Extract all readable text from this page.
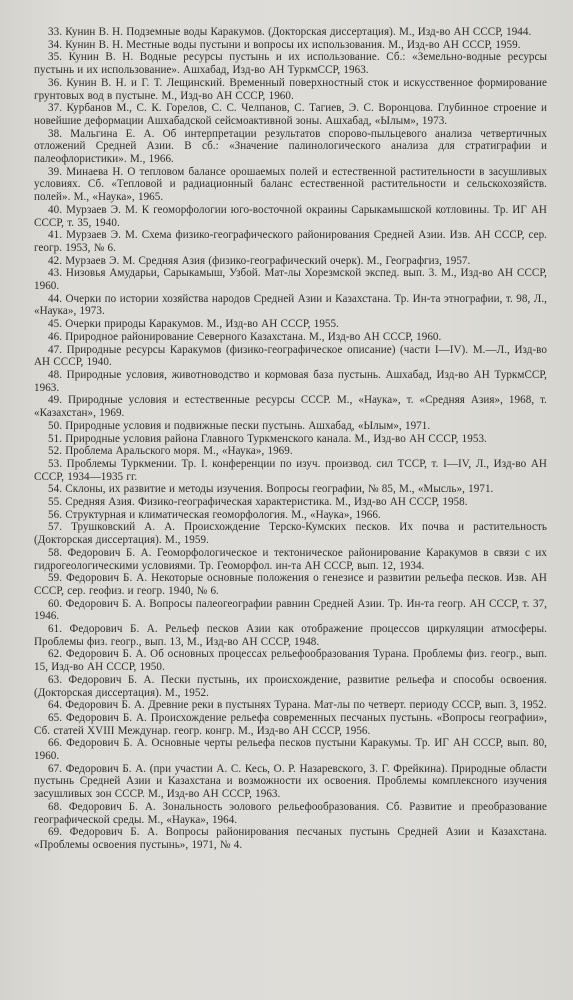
33. Кунин В. Н. Подземные воды Каракумов. (Докторская диссертация). М., Изд-во АН СССР, 1944.

34. Кунин В. Н. Местные воды пустыни и вопросы их использования. М., Изд-во АН СССР, 1959.

35. Кунин В. Н. Водные ресурсы пустынь и их использование. Сб.: «Земельно-водные ресурсы пустынь и их использование». Ашхабад, Изд-во АН ТуркмССР, 1963.

36. Кунин В. Н. и Г. Т. Лещинский. Временный поверхностный сток и искусственное формирование грунтовых вод в пустыне. М., Изд-во АН СССР, 1960.

37. Курбанов М., С. К. Горелов, С. С. Челпанов, С. Тагиев, Э. С. Воронцова. Глубинное строение и новейшие деформации Ашхабадской сейсмоактивной зоны. Ашхабад, «Ылым», 1973.

38. Мальгина Е. А. Об интерпретации результатов спорово-пыльцевого анализа четвертичных отложений Средней Азии. В сб.: «Значение палинологического анализа для стратиграфии и палеофлористики». М., 1966.

39. Минаева Н. О тепловом балансе орошаемых полей и естественной растительности в засушливых условиях. Сб. «Тепловой и радиационный баланс естественной растительности и сельскохозяйств. полей». М., «Наука», 1965.

40. Мурзаев Э. М. К геоморфологии юго-восточной окраины Сарыкамышской котловины. Тр. ИГ АН СССР, т. 35, 1940.

41. Мурзаев Э. М. Схема физико-географического районирования Средней Азии. Изв. АН СССР, сер. геогр. 1953, № 6.

42. Мурзаев Э. М. Средняя Азия (физико-географический очерк). М., Географгиз, 1957.

43. Низовья Амударьи, Сарыкамыш, Узбой. Мат-лы Хорезмской экспед. вып. 3. М., Изд-во АН СССР, 1960.

44. Очерки по истории хозяйства народов Средней Азии и Казахстана. Тр. Ин-та этнографии, т. 98, Л., «Наука», 1973.

45. Очерки природы Каракумов. М., Изд-во АН СССР, 1955.

46. Природное районирование Северного Казахстана. М., Изд-во АН СССР, 1960.

47. Природные ресурсы Каракумов (физико-географическое описание) (части I—IV). М.—Л., Изд-во АН СССР, 1940.

48. Природные условия, животноводство и кормовая база пустынь. Ашхабад, Изд-во АН ТуркмССР, 1963.

49. Природные условия и естественные ресурсы СССР. М., «Наука», т. «Средняя Азия», 1968, т. «Казахстан», 1969.

50. Природные условия и подвижные пески пустынь. Ашхабад, «Ылым», 1971.

51. Природные условия района Главного Туркменского канала. М., Изд-во АН СССР, 1953.

52. Проблема Аральского моря. М., «Наука», 1969.

53. Проблемы Туркмении. Тр. I. конференции по изуч. производ. сил ТССР, т. I—IV, Л., Изд-во АН СССР, 1934—1935 гг.

54. Склоны, их развитие и методы изучения. Вопросы географии, № 85, М., «Мысль», 1971.

55. Средняя Азия. Физико-географическая характеристика. М., Изд-во АН СССР, 1958.

56. Структурная и климатическая геоморфология. М., «Наука», 1966.

57. Трушковский А. А. Происхождение Терско-Кумских песков. Их почва и растительность (Докторская диссертация). М., 1959.

58. Федорович Б. А. Геоморфологическое и тектоническое районирование Каракумов в связи с их гидрогеологическими условиями. Тр. Геоморфол. ин-та АН СССР, вып. 12, 1934.

59. Федорович Б. А. Некоторые основные положения о генезисе и развитии рельефа песков. Изв. АН СССР, сер. геофиз. и геогр. 1940, № 6.

60. Федорович Б. А. Вопросы палеогеографии равнин Средней Азии. Тр. Ин-та геогр. АН СССР, т. 37, 1946.

61. Федорович Б. А. Рельеф песков Азии как отображение процессов циркуляции атмосферы. Проблемы физ. геогр., вып. 13, М., Изд-во АН СССР, 1948.

62. Федорович Б. А. Об основных процессах рельефообразования Турана. Проблемы физ. геогр., вып. 15, Изд-во АН СССР, 1950.

63. Федорович Б. А. Пески пустынь, их происхождение, развитие рельефа и способы освоения. (Докторская диссертация). М., 1952.

64. Федорович Б. А. Древние реки в пустынях Турана. Мат-лы по четверт. периоду СССР, вып. 3, 1952.

65. Федорович Б. А. Происхождение рельефа современных песчаных пустынь. «Вопросы географии», Сб. статей XVIII Междунар. геогр. конгр. М., Изд-во АН СССР, 1956.

66. Федорович Б. А. Основные черты рельефа песков пустыни Каракумы. Тр. ИГ АН СССР, вып. 80, 1960.

67. Федорович Б. А. (при участии А. С. Кесь, О. Р. Назаревского, З. Г. Фрейкина). Природные области пустынь Средней Азии и Казахстана и возможности их освоения. Проблемы комплексного изучения засушливых зон СССР. М., Изд-во АН СССР, 1963.

68. Федорович Б. А. Зональность эолового рельефообразования. Сб. Развитие и преобразование географической среды. М., «Наука», 1964.

69. Федорович Б. А. Вопросы районирования песчаных пустынь Средней Азии и Казахстана. «Проблемы освоения пустынь», 1971, № 4.
